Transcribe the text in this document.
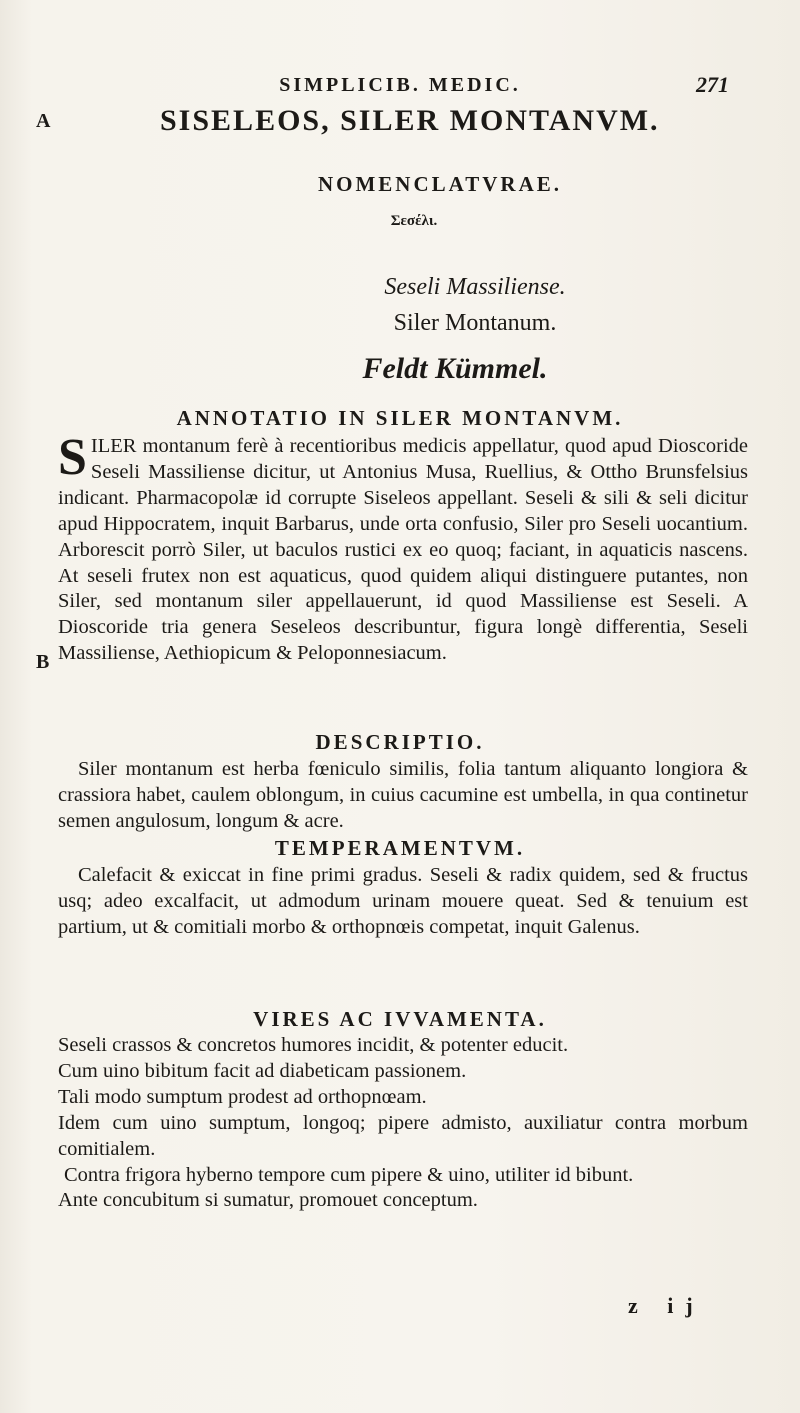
A
B
SIMPLICIB. MEDIC.	271
SISELEOS, SILER MONTANVM.
NOMENCLATVRAE.
Σεσέλι.
Seseli Massiliense.
Siler Montanum.
Feldt Kümmel.
ANNOTATIO IN SILER MONTANVM.

SILER montanum ferè à recentioribus medicis appellatur, quod apud Dioscoride Seseli Massiliense dicitur, ut Antonius Musa, Ruellius, & Ottho Brunsfelsius indicant. Pharmacopolæ id corrupte Siseleos appellant. Seseli & sili & seli dicitur apud Hippocratem, inquit Barbarus, unde orta confusio, Siler pro Seseli uocantium. Arborescit porrò Siler, ut baculos rustici ex eo quoq; faciant, in aquaticis nascens. At seseli frutex non est aquaticus, quod quidem aliqui distinguere putantes, non Siler, sed montanum siler appellauerunt, id quod Massiliense est Seseli. A Dioscoride tria genera Seseleos describuntur, figura longè differentia, Seseli Massiliense, Aethiopicum & Peloponnesiacum.

DESCRIPTIO.

Siler montanum est herba fœniculo similis, folia tantum aliquanto longiora & crassiora habet, caulem oblongum, in cuius cacumine est umbella, in qua continetur semen angulosum, longum & acre.

TEMPERAMENTVM.

Calefacit & exiccat in fine primi gradus. Seseli & radix quidem, sed & fructus usq; adeo excalfacit, ut admodum urinam mouere queat. Sed & tenuium est partium, ut & comitiali morbo & orthopnœis competat, inquit Galenus.

VIRES AC IVVAMENTA.

Seseli crassos & concretos humores incidit, & potenter educit.

Cum uino bibitum facit ad diabeticam passionem.

Tali modo sumptum prodest ad orthopnœam.

Idem cum uino sumptum, longoq; pipere admisto, auxiliatur contra morbum comitialem.

Contra frigora hyberno tempore cum pipere & uino, utiliter id bibunt.

Ante concubitum si sumatur, promouet conceptum.

z ij
